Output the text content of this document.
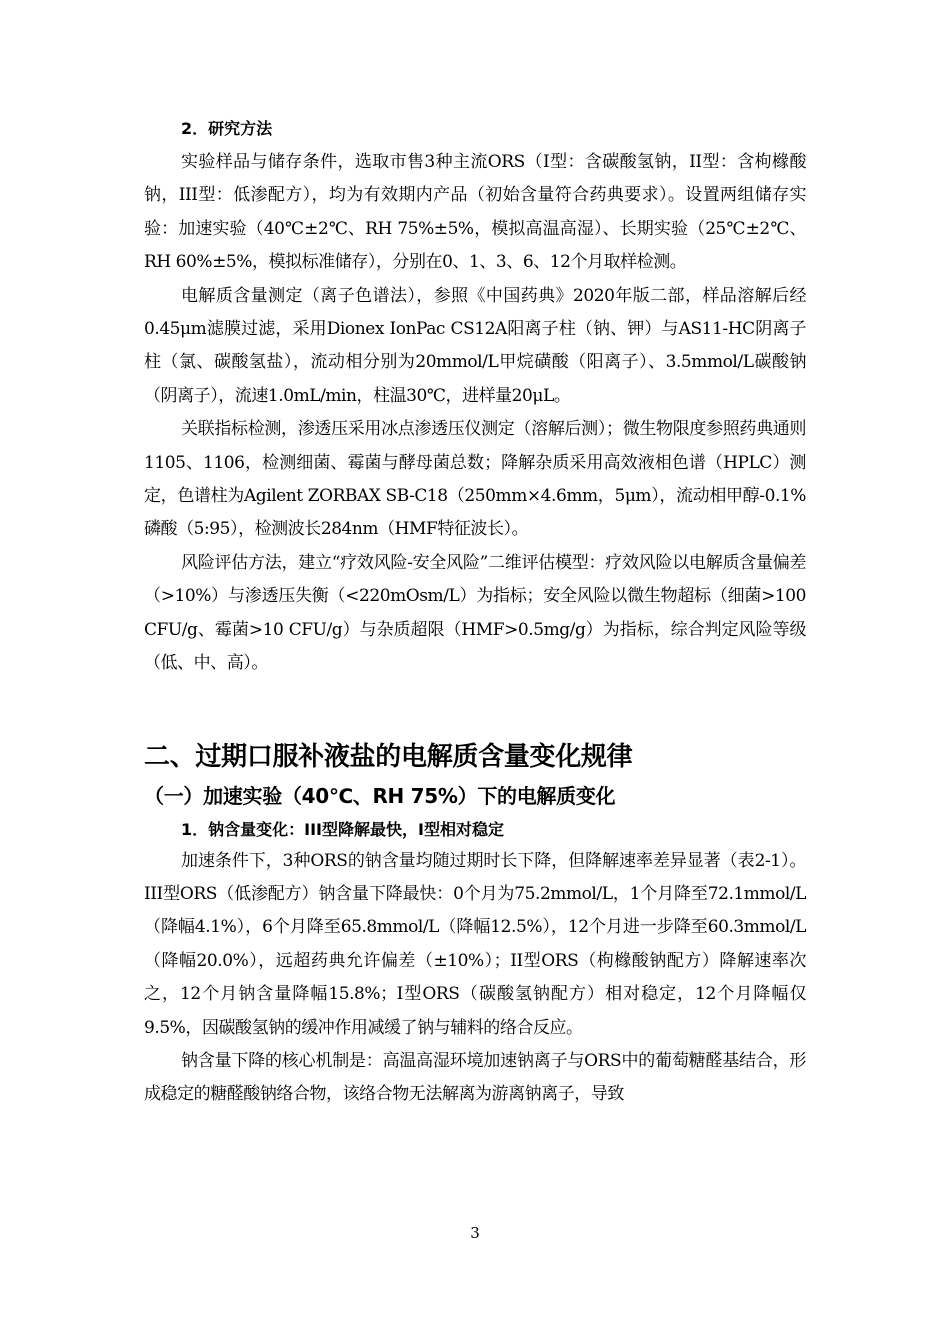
2．研究方法

实验样品与储存条件，选取市售3种主流ORS（I型：含碳酸氢钠，II型：含枸橼酸钠，III型：低渗配方），均为有效期内产品（初始含量符合药典要求）。设置两组储存实验：加速实验（40℃±2℃、RH 75%±5%，模拟高温高湿）、长期实验（25℃±2℃、RH 60%±5%，模拟标准储存），分别在0、1、3、6、12个月取样检测。

电解质含量测定（离子色谱法），参照《中国药典》2020年版二部，样品溶解后经0.45μm滤膜过滤，采用Dionex IonPac CS12A阳离子柱（钠、钾）与AS11-HC阴离子柱（氯、碳酸氢盐），流动相分别为20mmol/L甲烷磺酸（阳离子）、3.5mmol/L碳酸钠（阴离子），流速1.0mL/min，柱温30℃，进样量20μL。

关联指标检测，渗透压采用冰点渗透压仪测定（溶解后测）；微生物限度参照药典通则1105、1106，检测细菌、霉菌与酵母菌总数；降解杂质采用高效液相色谱（HPLC）测定，色谱柱为Agilent ZORBAX SB-C18（250mm×4.6mm，5μm），流动相甲醇-0.1%磷酸（5:95），检测波长284nm（HMF特征波长）。

风险评估方法，建立“疗效风险-安全风险”二维评估模型：疗效风险以电解质含量偏差（>10%）与渗透压失衡（<220mOsm/L）为指标；安全风险以微生物超标（细菌>100 CFU/g、霉菌>10 CFU/g）与杂质超限（HMF>0.5mg/g）为指标，综合判定风险等级（低、中、高）。

二、过期口服补液盐的电解质含量变化规律
（一）加速实验（40℃、RH 75%）下的电解质变化
1．钠含量变化：III型降解最快，I型相对稳定

加速条件下，3种ORS的钠含量均随过期时长下降，但降解速率差异显著（表2-1）。III型ORS（低渗配方）钠含量下降最快：0个月为75.2mmol/L，1个月降至72.1mmol/L（降幅4.1%），6个月降至65.8mmol/L（降幅12.5%），12个月进一步降至60.3mmol/L（降幅20.0%），远超药典允许偏差（±10%）；II型ORS（枸橼酸钠配方）降解速率次之，12个月钠含量降幅15.8%；I型ORS（碳酸氢钠配方）相对稳定，12个月降幅仅9.5%，因碳酸氢钠的缓冲作用减缓了钠与辅料的络合反应。

钠含量下降的核心机制是：高温高湿环境加速钠离子与ORS中的葡萄糖醛基结合，形成稳定的糖醛酸钠络合物，该络合物无法解离为游离钠离子，导致

3
